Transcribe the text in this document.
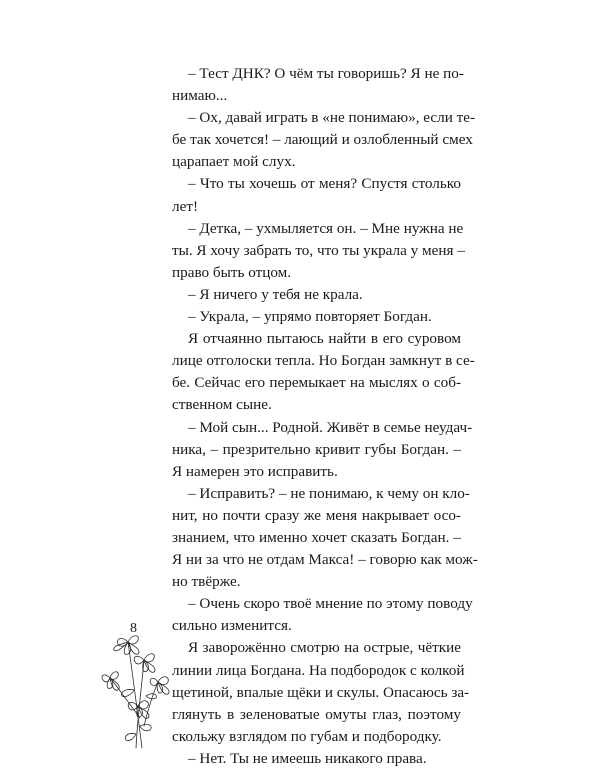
– Тест ДНК? О чём ты говоришь? Я не по-
нимаю...
– Ох, давай играть в «не понимаю», если те-
бе так хочется! – лающий и озлобленный смех
царапает мой слух.
– Что ты хочешь от меня? Спустя столько
лет!
– Детка, – ухмыляется он. – Мне нужна не
ты. Я хочу забрать то, что ты украла у меня –
право быть отцом.
– Я ничего у тебя не крала.
– Украла, – упрямо повторяет Богдан.
Я отчаянно пытаюсь найти в его суровом
лице отголоски тепла. Но Богдан замкнут в се-
бе. Сейчас его перемыкает на мыслях о соб-
ственном сыне.
– Мой сын... Родной. Живёт в семье неудач-
ника, – презрительно кривит губы Богдан. –
Я намерен это исправить.
– Исправить? – не понимаю, к чему он кло-
нит, но почти сразу же меня накрывает осо-
знанием, что именно хочет сказать Богдан. –
Я ни за что не отдам Макса! – говорю как мож-
но твёрже.
– Очень скоро твоё мнение по этому поводу
сильно изменится.
Я заворожённо смотрю на острые, чёткие
линии лица Богдана. На подбородок с колкой
щетиной, впалые щёки и скулы. Опасаюсь за-
глянуть в зеленоватые омуты глаз, поэтому
скольжу взглядом по губам и подбородку.
– Нет. Ты не имеешь никакого права.
8
